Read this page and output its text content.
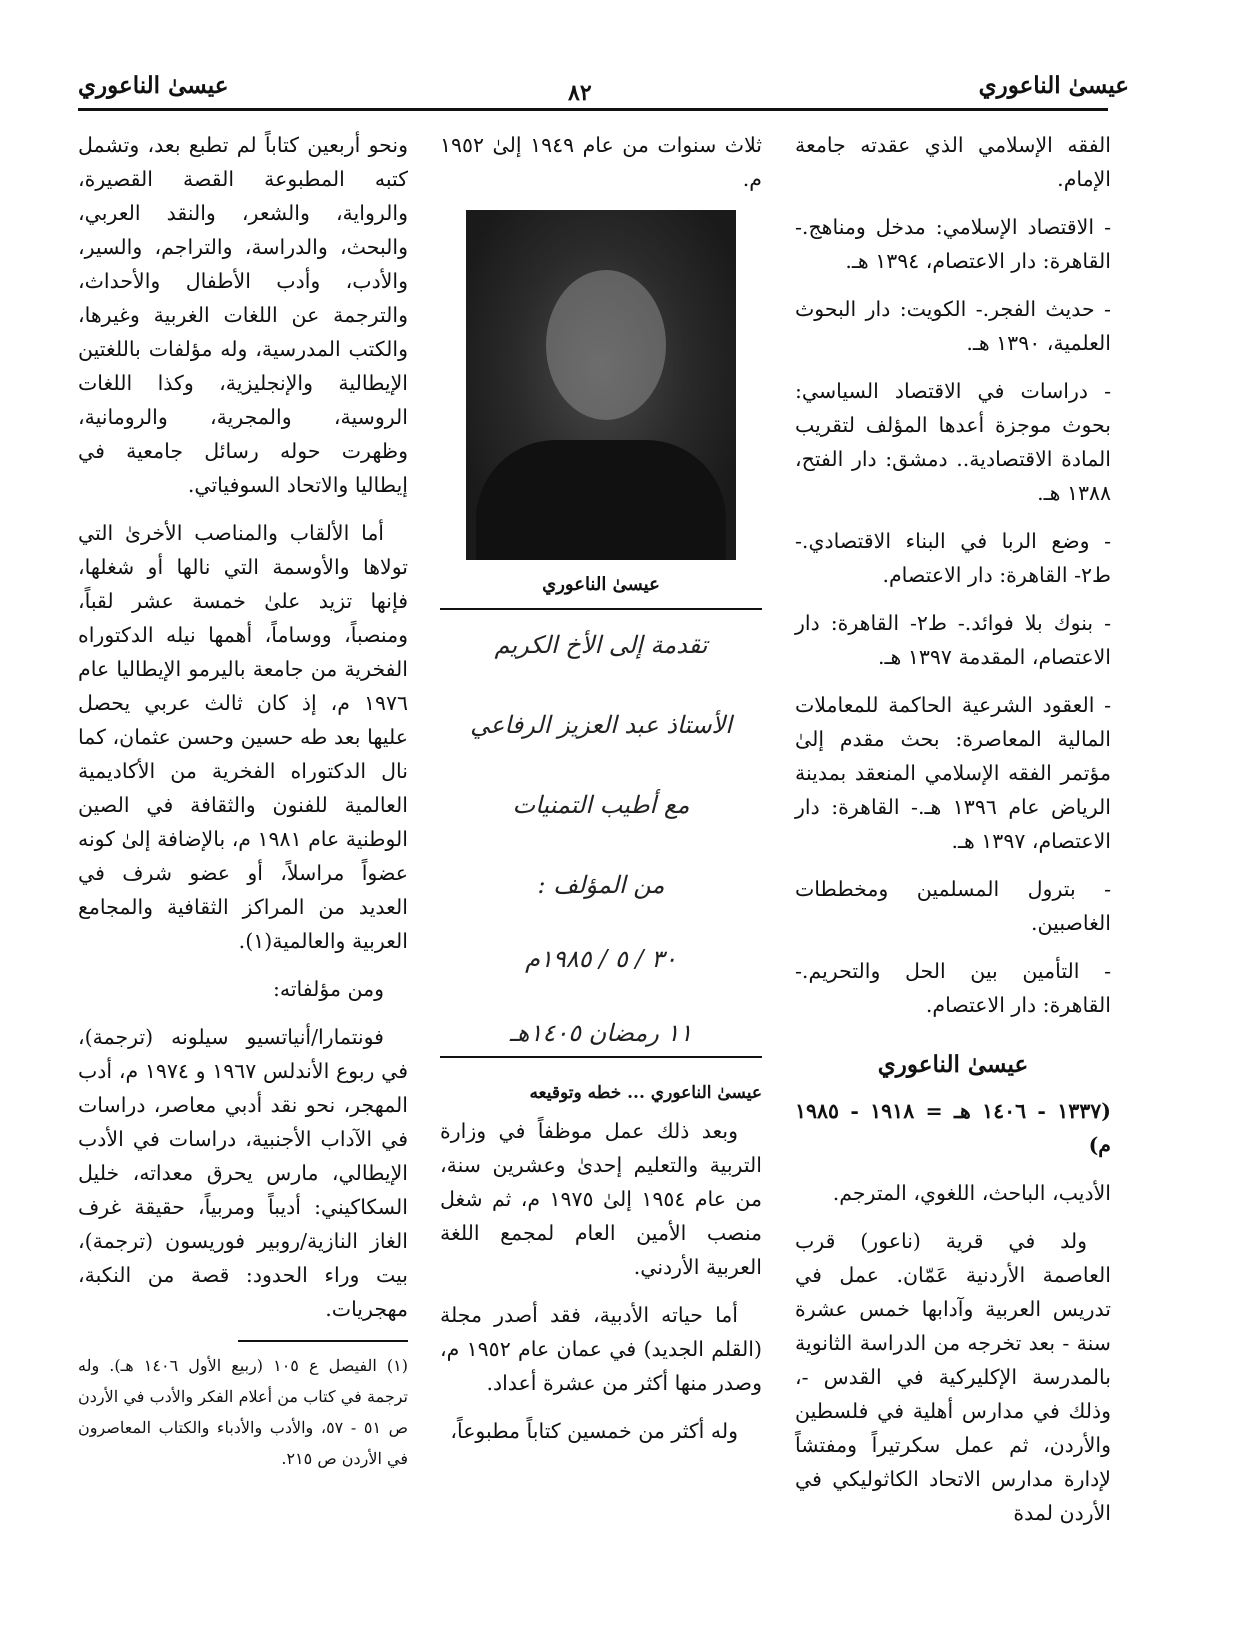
عيسىٰ الناعوري
٨٢
عيسىٰ الناعوري

الفقه الإسلامي الذي عقدته جامعة الإمام.

- الاقتصاد الإسلامي: مدخل ومناهج.- القاهرة: دار الاعتصام، ١٣٩٤ هـ.

- حديث الفجر.- الكويت: دار البحوث العلمية، ١٣٩٠ هـ.

- دراسات في الاقتصاد السياسي: بحوث موجزة أعدها المؤلف لتقريب المادة الاقتصادية.. دمشق: دار الفتح، ١٣٨٨ هـ.

- وضع الربا في البناء الاقتصادي.- ط٢- القاهرة: دار الاعتصام.

- بنوك بلا فوائد.- ط٢- القاهرة: دار الاعتصام، المقدمة ١٣٩٧ هـ.

- العقود الشرعية الحاكمة للمعاملات المالية المعاصرة: بحث مقدم إلىٰ مؤتمر الفقه الإسلامي المنعقد بمدينة الرياض عام ١٣٩٦ هـ.- القاهرة: دار الاعتصام، ١٣٩٧ هـ.

- بترول المسلمين ومخططات الغاصبين.

- التأمين بين الحل والتحريم.- القاهرة: دار الاعتصام.

عيسىٰ الناعوري
(١٣٣٧ - ١٤٠٦ هـ = ١٩١٨ - ١٩٨٥ م)

الأديب، الباحث، اللغوي، المترجم.

ولد في قرية (ناعور) قرب العاصمة الأردنية عَمّان. عمل في تدريس العربية وآدابها خمس عشرة سنة - بعد تخرجه من الدراسة الثانوية بالمدرسة الإكليركية في القدس -، وذلك في مدارس أهلية في فلسطين والأردن، ثم عمل سكرتيراً ومفتشاً لإدارة مدارس الاتحاد الكاثوليكي في الأردن لمدة

ثلاث سنوات من عام ١٩٤٩ إلىٰ ١٩٥٢ م.

عيسىٰ الناعوري
تقدمة إلى الأخ الكريم
الأستاذ عبد العزيز الرفاعي
مع أطيب التمنيات
من المؤلف :
٣٠ / ٥ / ١٩٨٥م
١١ رمضان ١٤٠٥هـ
عيسىٰ الناعوري ... خطه وتوقيعه

وبعد ذلك عمل موظفاً في وزارة التربية والتعليم إحدىٰ وعشرين سنة، من عام ١٩٥٤ إلىٰ ١٩٧٥ م، ثم شغل منصب الأمين العام لمجمع اللغة العربية الأردني.

أما حياته الأدبية، فقد أصدر مجلة (القلم الجديد) في عمان عام ١٩٥٢ م، وصدر منها أكثر من عشرة أعداد.

وله أكثر من خمسين كتاباً مطبوعاً،

ونحو أربعين كتاباً لم تطبع بعد، وتشمل كتبه المطبوعة القصة القصيرة، والرواية، والشعر، والنقد العربي، والبحث، والدراسة، والتراجم، والسير، والأدب، وأدب الأطفال والأحداث، والترجمة عن اللغات الغربية وغيرها، والكتب المدرسية، وله مؤلفات باللغتين الإيطالية والإنجليزية، وكذا اللغات الروسية، والمجرية، والرومانية، وظهرت حوله رسائل جامعية في إيطاليا والاتحاد السوفياتي.

أما الألقاب والمناصب الأخرىٰ التي تولاها والأوسمة التي نالها أو شغلها، فإنها تزيد علىٰ خمسة عشر لقباً، ومنصباً، ووساماً، أهمها نيله الدكتوراه الفخرية من جامعة باليرمو الإيطاليا عام ١٩٧٦ م، إذ كان ثالث عربي يحصل عليها بعد طه حسين وحسن عثمان، كما نال الدكتوراه الفخرية من الأكاديمية العالمية للفنون والثقافة في الصين الوطنية عام ١٩٨١ م، بالإضافة إلىٰ كونه عضواً مراسلاً، أو عضو شرف في العديد من المراكز الثقافية والمجامع العربية والعالمية(١).

ومن مؤلفاته:

فونتمارا/أنياتسيو سيلونه (ترجمة)، في ربوع الأندلس ١٩٦٧ و ١٩٧٤ م، أدب المهجر، نحو نقد أدبي معاصر، دراسات في الآداب الأجنبية، دراسات في الأدب الإيطالي، مارس يحرق معداته، خليل السكاكيني: أديباً ومربياً، حقيقة غرف الغاز النازية/روبير فوريسون (ترجمة)، بيت وراء الحدود: قصة من النكبة، مهجريات.

(١) الفيصل ع ١٠٥ (ربيع الأول ١٤٠٦ هـ). وله ترجمة في كتاب من أعلام الفكر والأدب في الأردن ص ٥١ - ٥٧، والأدب والأدباء والكتاب المعاصرون في الأردن ص ٢١٥.
